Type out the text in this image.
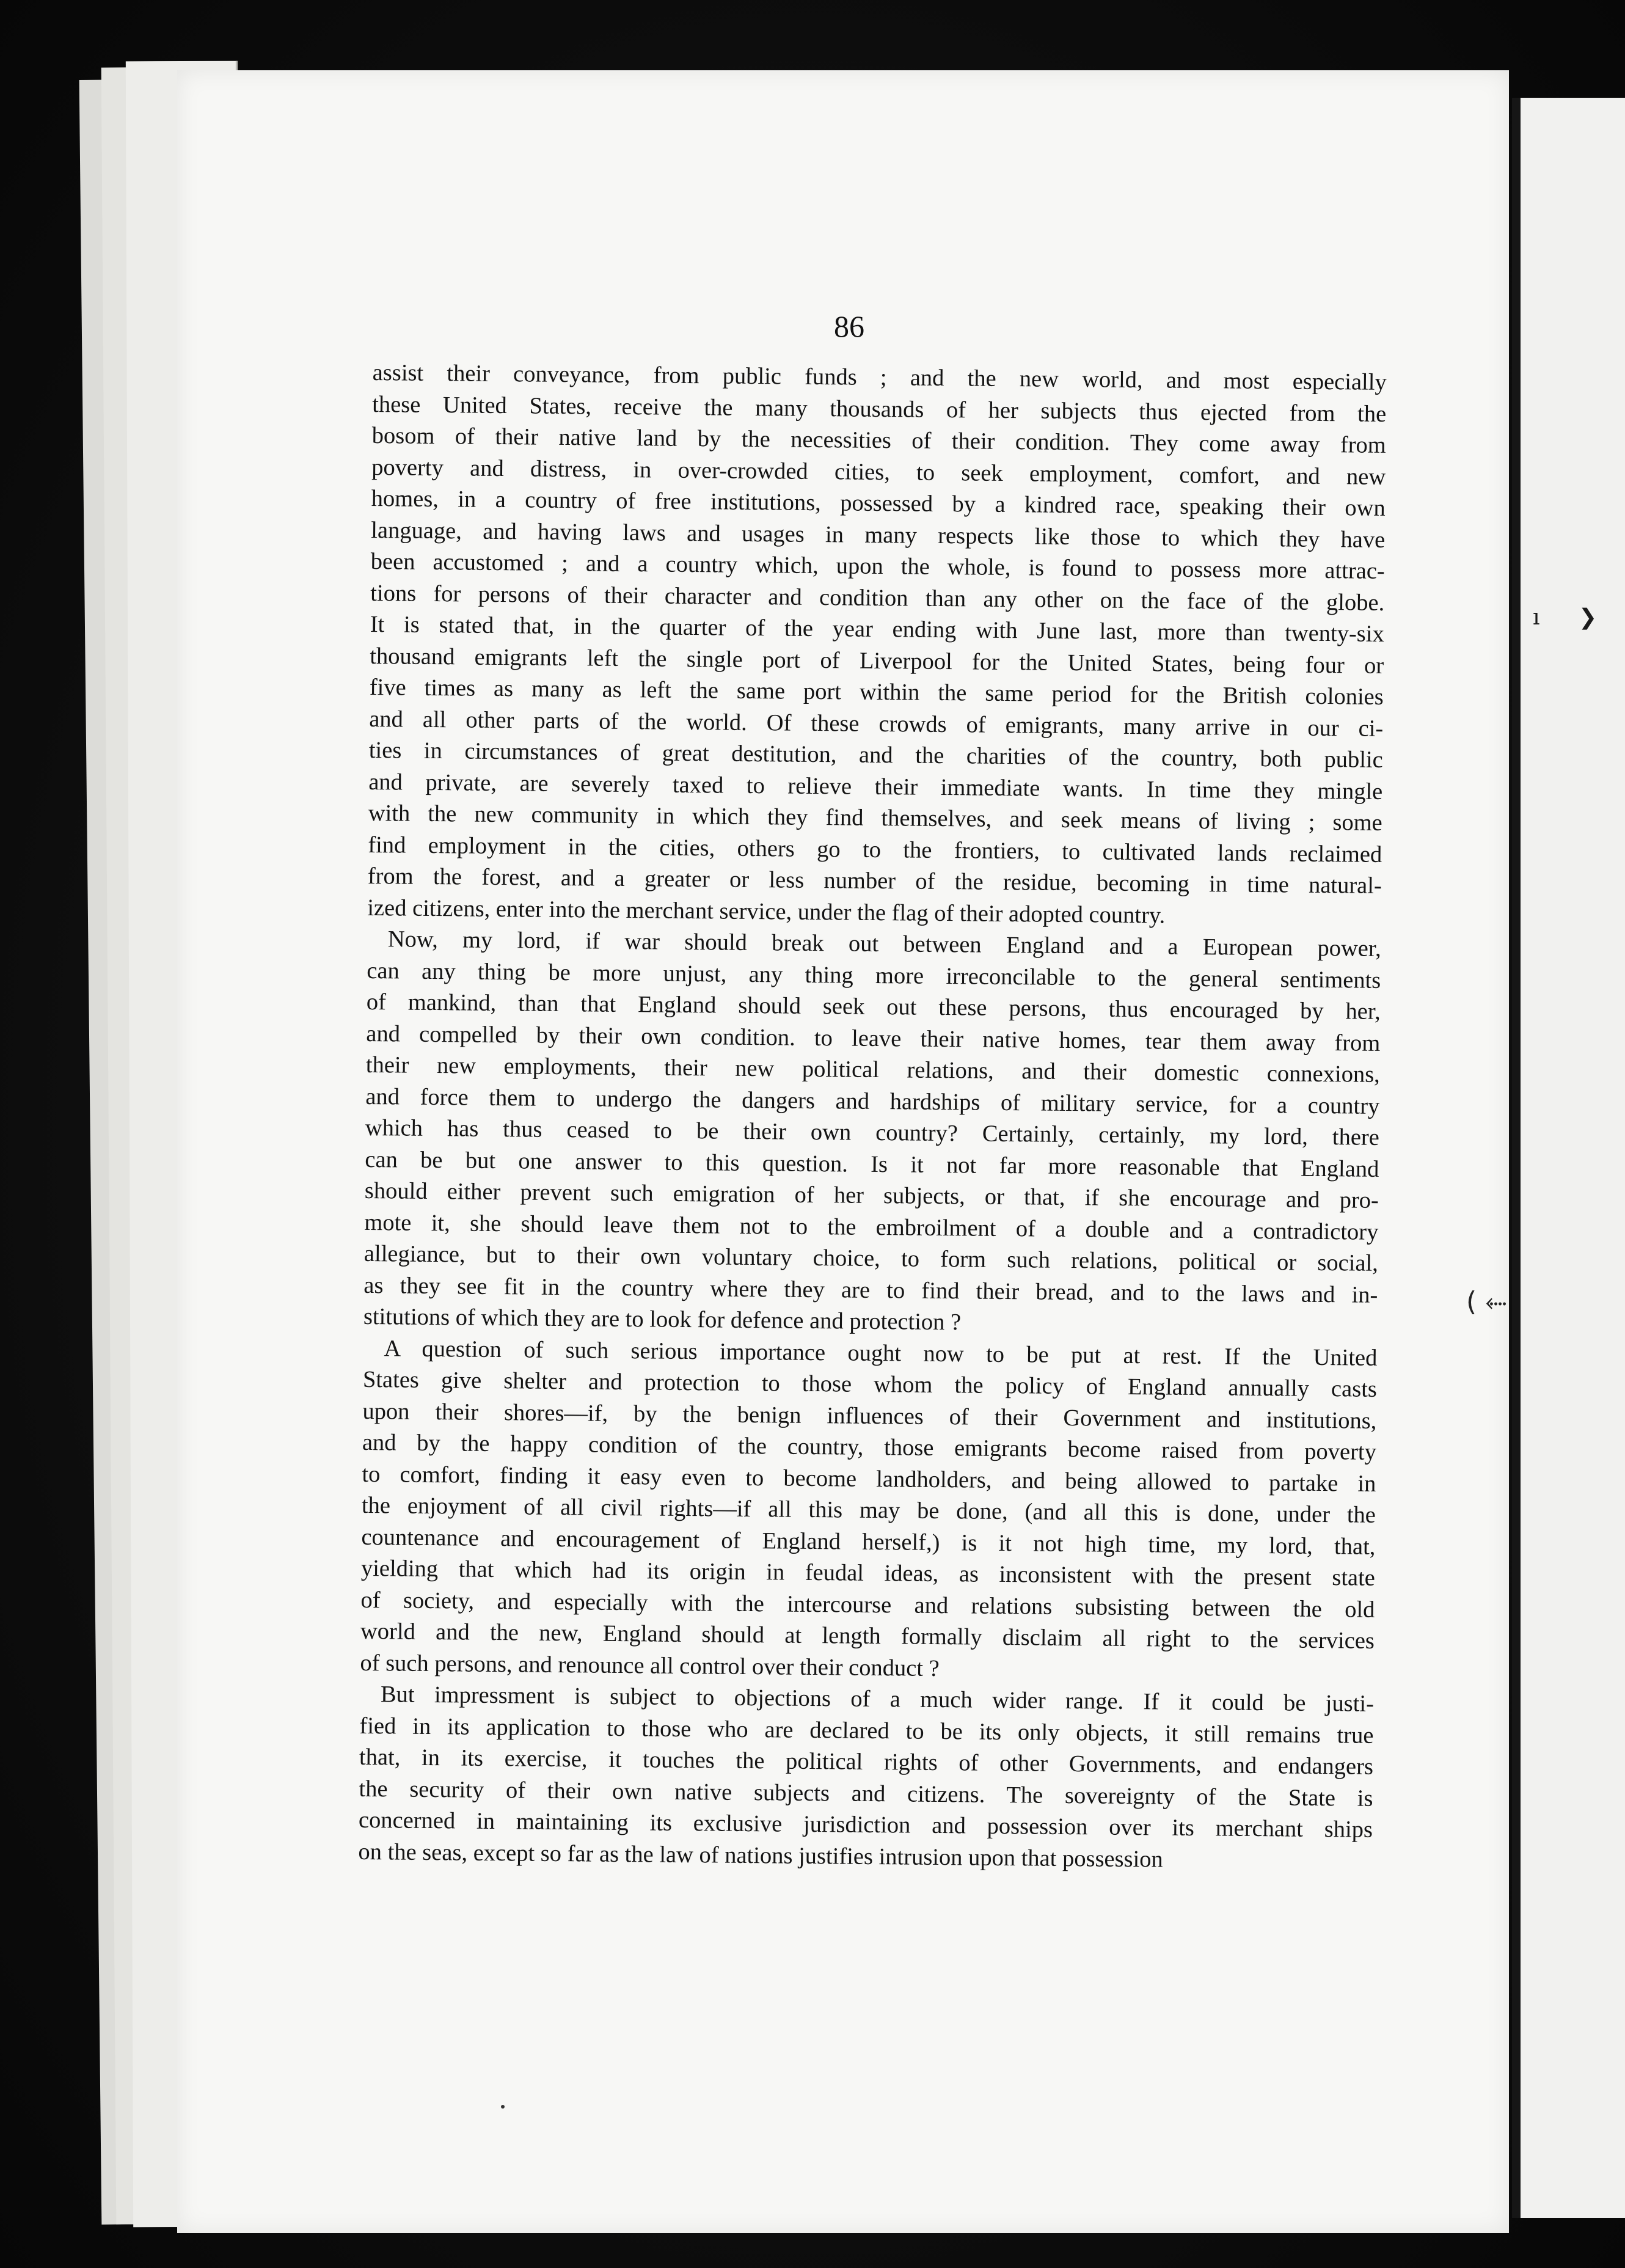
ı ❯
86
assist their conveyance, from public funds ; and the new world, and most especially
these United States, receive the many thousands of her subjects thus ejected from the
bosom of their native land by the necessities of their condition. They come away from
poverty and distress, in over-crowded cities, to seek employment, comfort, and new
homes, in a country of free institutions, possessed by a kindred race, speaking their own
language, and having laws and usages in many respects like those to which they have
been accustomed ; and a country which, upon the whole, is found to possess more attrac-
tions for persons of their character and condition than any other on the face of the globe.
It is stated that, in the quarter of the year ending with June last, more than twenty-six
thousand emigrants left the single port of Liverpool for the United States, being four or
five times as many as left the same port within the same period for the British colonies
and all other parts of the world. Of these crowds of emigrants, many arrive in our ci-
ties in circumstances of great destitution, and the charities of the country, both public
and private, are severely taxed to relieve their immediate wants. In time they mingle
with the new community in which they find themselves, and seek means of living ; some
find employment in the cities, others go to the frontiers, to cultivated lands reclaimed
from the forest, and a greater or less number of the residue, becoming in time natural-
ized citizens, enter into the merchant service, under the flag of their adopted country.
Now, my lord, if war should break out between England and a European power,
can any thing be more unjust, any thing more irreconcilable to the general sentiments
of mankind, than that England should seek out these persons, thus encouraged by her,
and compelled by their own condition. to leave their native homes, tear them away from
their new employments, their new political relations, and their domestic connexions,
and force them to undergo the dangers and hardships of military service, for a country
which has thus ceased to be their own country? Certainly, certainly, my lord, there
can be but one answer to this question. Is it not far more reasonable that England
should either prevent such emigration of her subjects, or that, if she encourage and pro-
mote it, she should leave them not to the embroilment of a double and a contradictory
allegiance, but to their own voluntary choice, to form such relations, political or social,
as they see fit in the country where they are to find their bread, and to the laws and in-
stitutions of which they are to look for defence and protection ?
A question of such serious importance ought now to be put at rest. If the United
States give shelter and protection to those whom the policy of England annually casts
upon their shores—if, by the benign influences of their Government and institutions,
and by the happy condition of the country, those emigrants become raised from poverty
to comfort, finding it easy even to become landholders, and being allowed to partake in
the enjoyment of all civil rights—if all this may be done, (and all this is done, under the
countenance and encouragement of England herself,) is it not high time, my lord, that,
yielding that which had its origin in feudal ideas, as inconsistent with the present state
of society, and especially with the intercourse and relations subsisting between the old
world and the new, England should at length formally disclaim all right to the services
of such persons, and renounce all control over their conduct ?
But impressment is subject to objections of a much wider range. If it could be justi-
fied in its application to those who are declared to be its only objects, it still remains true
that, in its exercise, it touches the political rights of other Governments, and endangers
the security of their own native subjects and citizens. The sovereignty of the State is
concerned in maintaining its exclusive jurisdiction and possession over its merchant ships
on the seas, except so far as the law of nations justifies intrusion upon that possession
( ⬸
